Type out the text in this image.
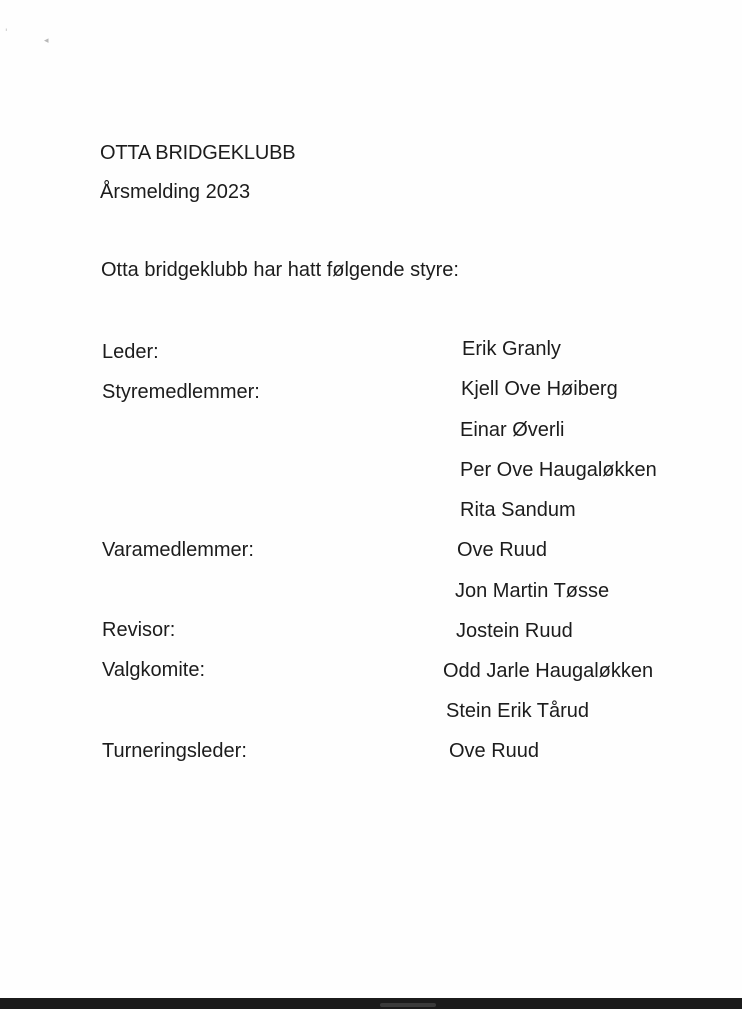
'
◂
OTTA BRIDGEKLUBB
Årsmelding 2023
Otta bridgeklubb har hatt følgende styre:
Leder:
Styremedlemmer:
Varamedlemmer:
Revisor:
Valgkomite:
Turneringsleder:
Erik Granly
Kjell Ove Høiberg
Einar Øverli
Per Ove Haugaløkken
Rita Sandum
Ove Ruud
Jon Martin Tøsse
Jostein Ruud
Odd Jarle Haugaløkken
Stein Erik Tårud
Ove Ruud
